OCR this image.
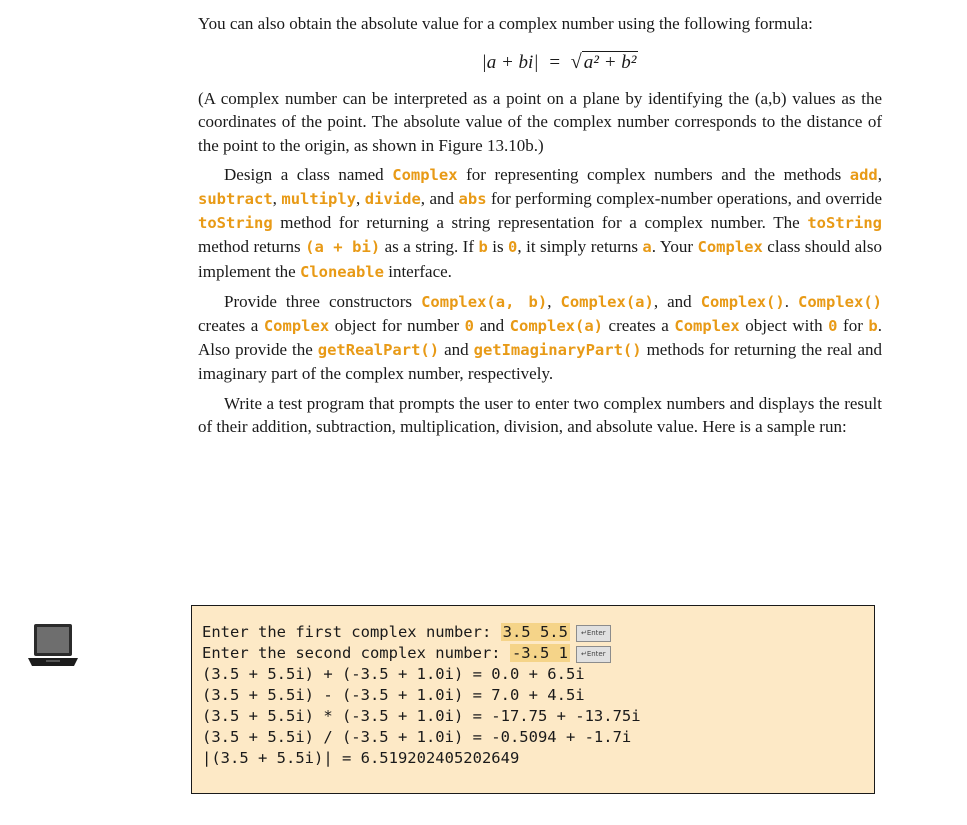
You can also obtain the absolute value for a complex number using the following formula:

|a + bi| = √ a² + b²

(A complex number can be interpreted as a point on a plane by identifying the (a,b) values as the coordinates of the point. The absolute value of the complex number corresponds to the distance of the point to the origin, as shown in Figure 13.10b.)

Design a class named Complex for representing complex numbers and the methods add, subtract, multiply, divide, and abs for performing complex-number operations, and override toString method for returning a string representation for a complex number. The toString method returns (a + bi) as a string. If b is 0, it simply returns a. Your Complex class should also implement the Cloneable interface.

Provide three constructors Complex(a, b), Complex(a), and Complex(). Complex() creates a Complex object for number 0 and Complex(a) creates a Complex object with 0 for b. Also provide the getRealPart() and getImaginaryPart() methods for returning the real and imaginary part of the complex number, respectively.

Write a test program that prompts the user to enter two complex numbers and displays the result of their addition, subtraction, multiplication, division, and absolute value. Here is a sample run:

Enter the first complex number: 3.5 5.5 ↵Enter
Enter the second complex number: -3.5 1 ↵Enter
(3.5 + 5.5i) + (-3.5 + 1.0i) = 0.0 + 6.5i
(3.5 + 5.5i) - (-3.5 + 1.0i) = 7.0 + 4.5i
(3.5 + 5.5i) * (-3.5 + 1.0i) = -17.75 + -13.75i
(3.5 + 5.5i) / (-3.5 + 1.0i) = -0.5094 + -1.7i
|(3.5 + 5.5i)| = 6.519202405202649
